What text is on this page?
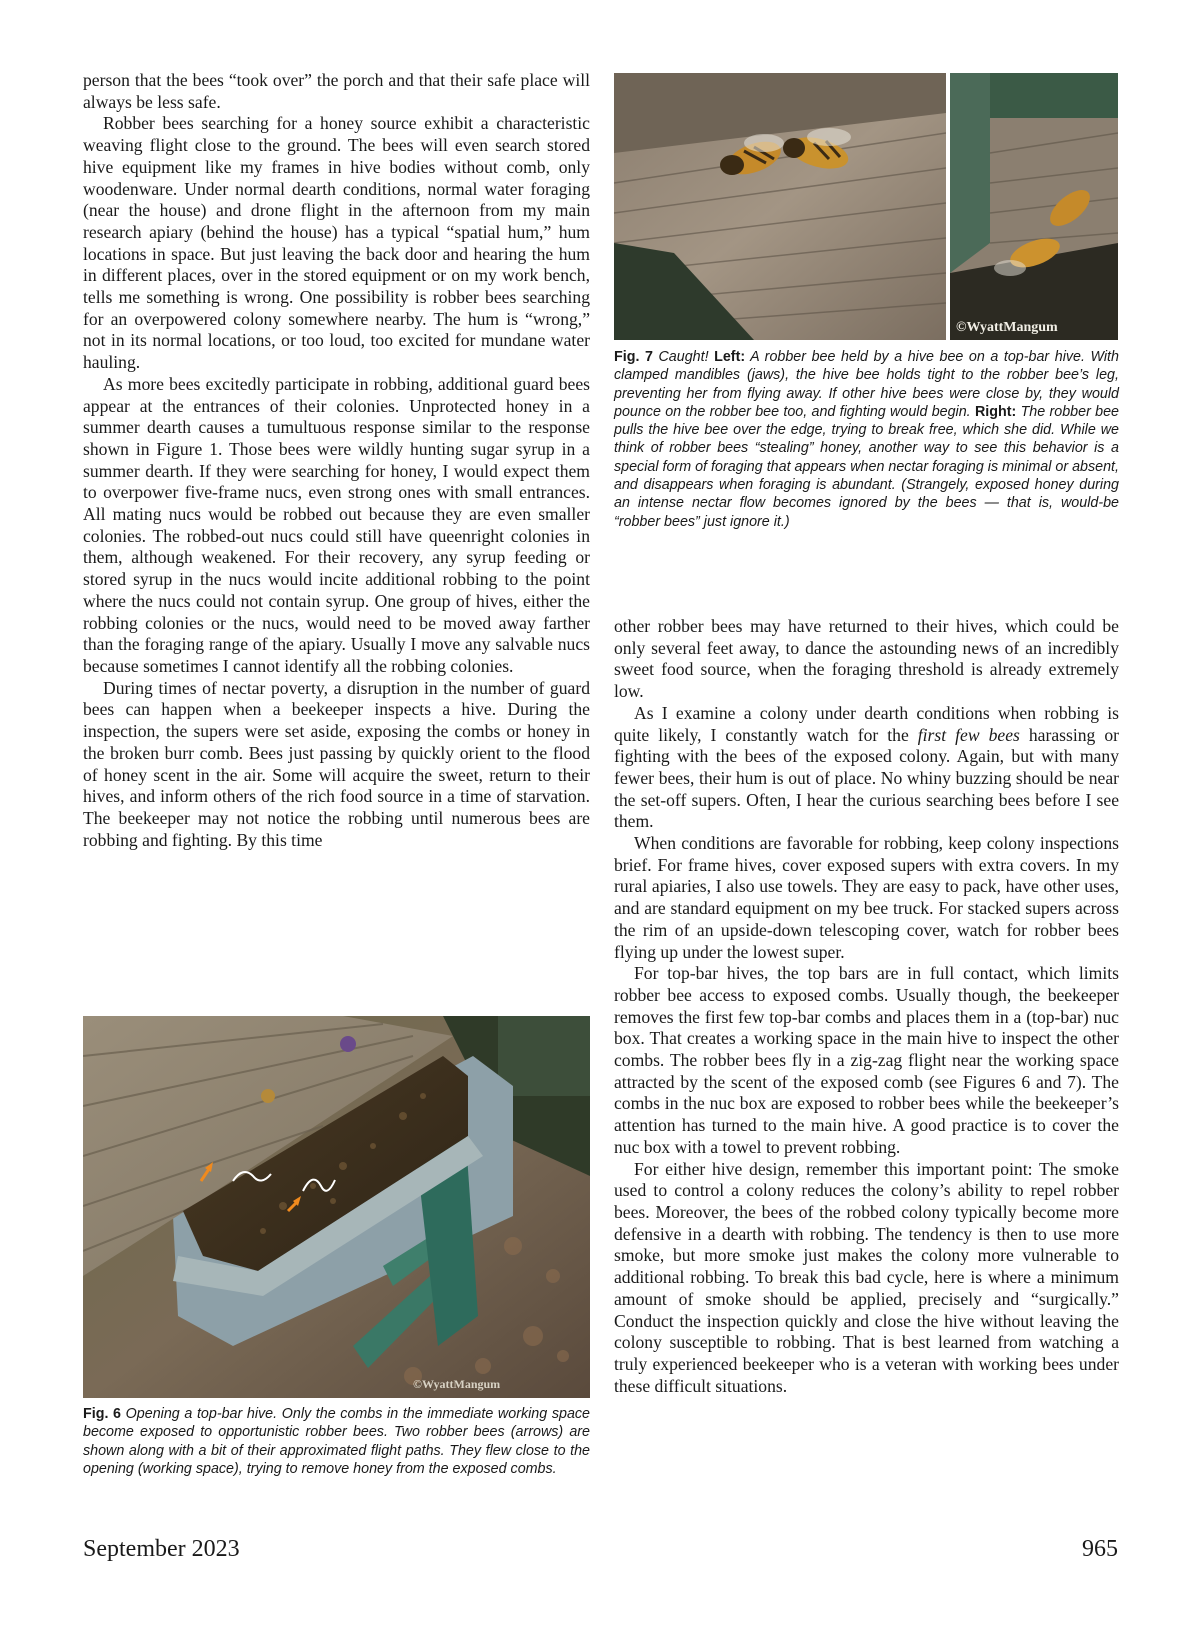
person that the bees “took over” the porch and that their safe place will always be less safe.

Robber bees searching for a honey source exhibit a characteristic weaving flight close to the ground. The bees will even search stored hive equipment like my frames in hive bodies without comb, only woodenware. Under normal dearth conditions, normal water foraging (near the house) and drone flight in the afternoon from my main research apiary (behind the house) has a typical “spatial hum,” hum locations in space. But just leaving the back door and hearing the hum in different places, over in the stored equipment or on my work bench, tells me something is wrong. One possibility is robber bees searching for an overpowered colony somewhere nearby. The hum is “wrong,” not in its normal locations, or too loud, too excited for mundane water hauling.

As more bees excitedly participate in robbing, additional guard bees appear at the entrances of their colonies. Unprotected honey in a summer dearth causes a tumultuous response similar to the response shown in Figure 1. Those bees were wildly hunting sugar syrup in a summer dearth. If they were searching for honey, I would expect them to overpower five-frame nucs, even strong ones with small entrances. All mating nucs would be robbed out because they are even smaller colonies. The robbed-out nucs could still have queenright colonies in them, although weakened. For their recovery, any syrup feeding or stored syrup in the nucs would incite additional robbing to the point where the nucs could not contain syrup. One group of hives, either the robbing colonies or the nucs, would need to be moved away farther than the foraging range of the apiary. Usually I move any salvable nucs because sometimes I cannot identify all the robbing colonies.

During times of nectar poverty, a disruption in the number of guard bees can happen when a beekeeper inspects a hive. During the inspection, the supers were set aside, exposing the combs or honey in the broken burr comb. Bees just passing by quickly orient to the flood of honey scent in the air. Some will acquire the sweet, return to their hives, and inform others of the rich food source in a time of starvation. The beekeeper may not notice the robbing until numerous bees are robbing and fighting. By this time

©WyattMangum
Fig. 6 Opening a top-bar hive. Only the combs in the immediate working space become exposed to opportunistic robber bees. Two robber bees (arrows) are shown along with a bit of their approximated flight paths. They flew close to the opening (working space), trying to remove honey from the exposed combs.
©WyattMangum
Fig. 7 Caught! Left: A robber bee held by a hive bee on a top-bar hive. With clamped mandibles (jaws), the hive bee holds tight to the robber bee’s leg, preventing her from flying away. If other hive bees were close by, they would pounce on the robber bee too, and fighting would begin. Right: The robber bee pulls the hive bee over the edge, trying to break free, which she did. While we think of robber bees “stealing” honey, another way to see this behavior is a special form of foraging that appears when nectar foraging is minimal or absent, and disappears when foraging is abundant. (Strangely, exposed honey during an intense nectar flow becomes ignored by the bees — that is, would-be “robber bees” just ignore it.)

other robber bees may have returned to their hives, which could be only several feet away, to dance the astounding news of an incredibly sweet food source, when the foraging threshold is already extremely low.

As I examine a colony under dearth conditions when robbing is quite likely, I constantly watch for the first few bees harassing or fighting with the bees of the exposed colony. Again, but with many fewer bees, their hum is out of place. No whiny buzzing should be near the set-off supers. Often, I hear the curious searching bees before I see them.

When conditions are favorable for robbing, keep colony inspections brief. For frame hives, cover exposed supers with extra covers. In my rural apiaries, I also use towels. They are easy to pack, have other uses, and are standard equipment on my bee truck. For stacked supers across the rim of an upside-down telescoping cover, watch for robber bees flying up under the lowest super.

For top-bar hives, the top bars are in full contact, which limits robber bee access to exposed combs. Usually though, the beekeeper removes the first few top-bar combs and places them in a (top-bar) nuc box. That creates a working space in the main hive to inspect the other combs. The robber bees fly in a zig-zag flight near the working space attracted by the scent of the exposed comb (see Figures 6 and 7). The combs in the nuc box are exposed to robber bees while the beekeeper’s attention has turned to the main hive. A good practice is to cover the nuc box with a towel to prevent robbing.

For either hive design, remember this important point: The smoke used to control a colony reduces the colony’s ability to repel robber bees. Moreover, the bees of the robbed colony typically become more defensive in a dearth with robbing. The tendency is then to use more smoke, but more smoke just makes the colony more vulnerable to additional robbing. To break this bad cycle, here is where a minimum amount of smoke should be applied, precisely and “surgically.” Conduct the inspection quickly and close the hive without leaving the colony susceptible to robbing. That is best learned from watching a truly experienced beekeeper who is a veteran with working bees under these difficult situations.

September 2023	965
